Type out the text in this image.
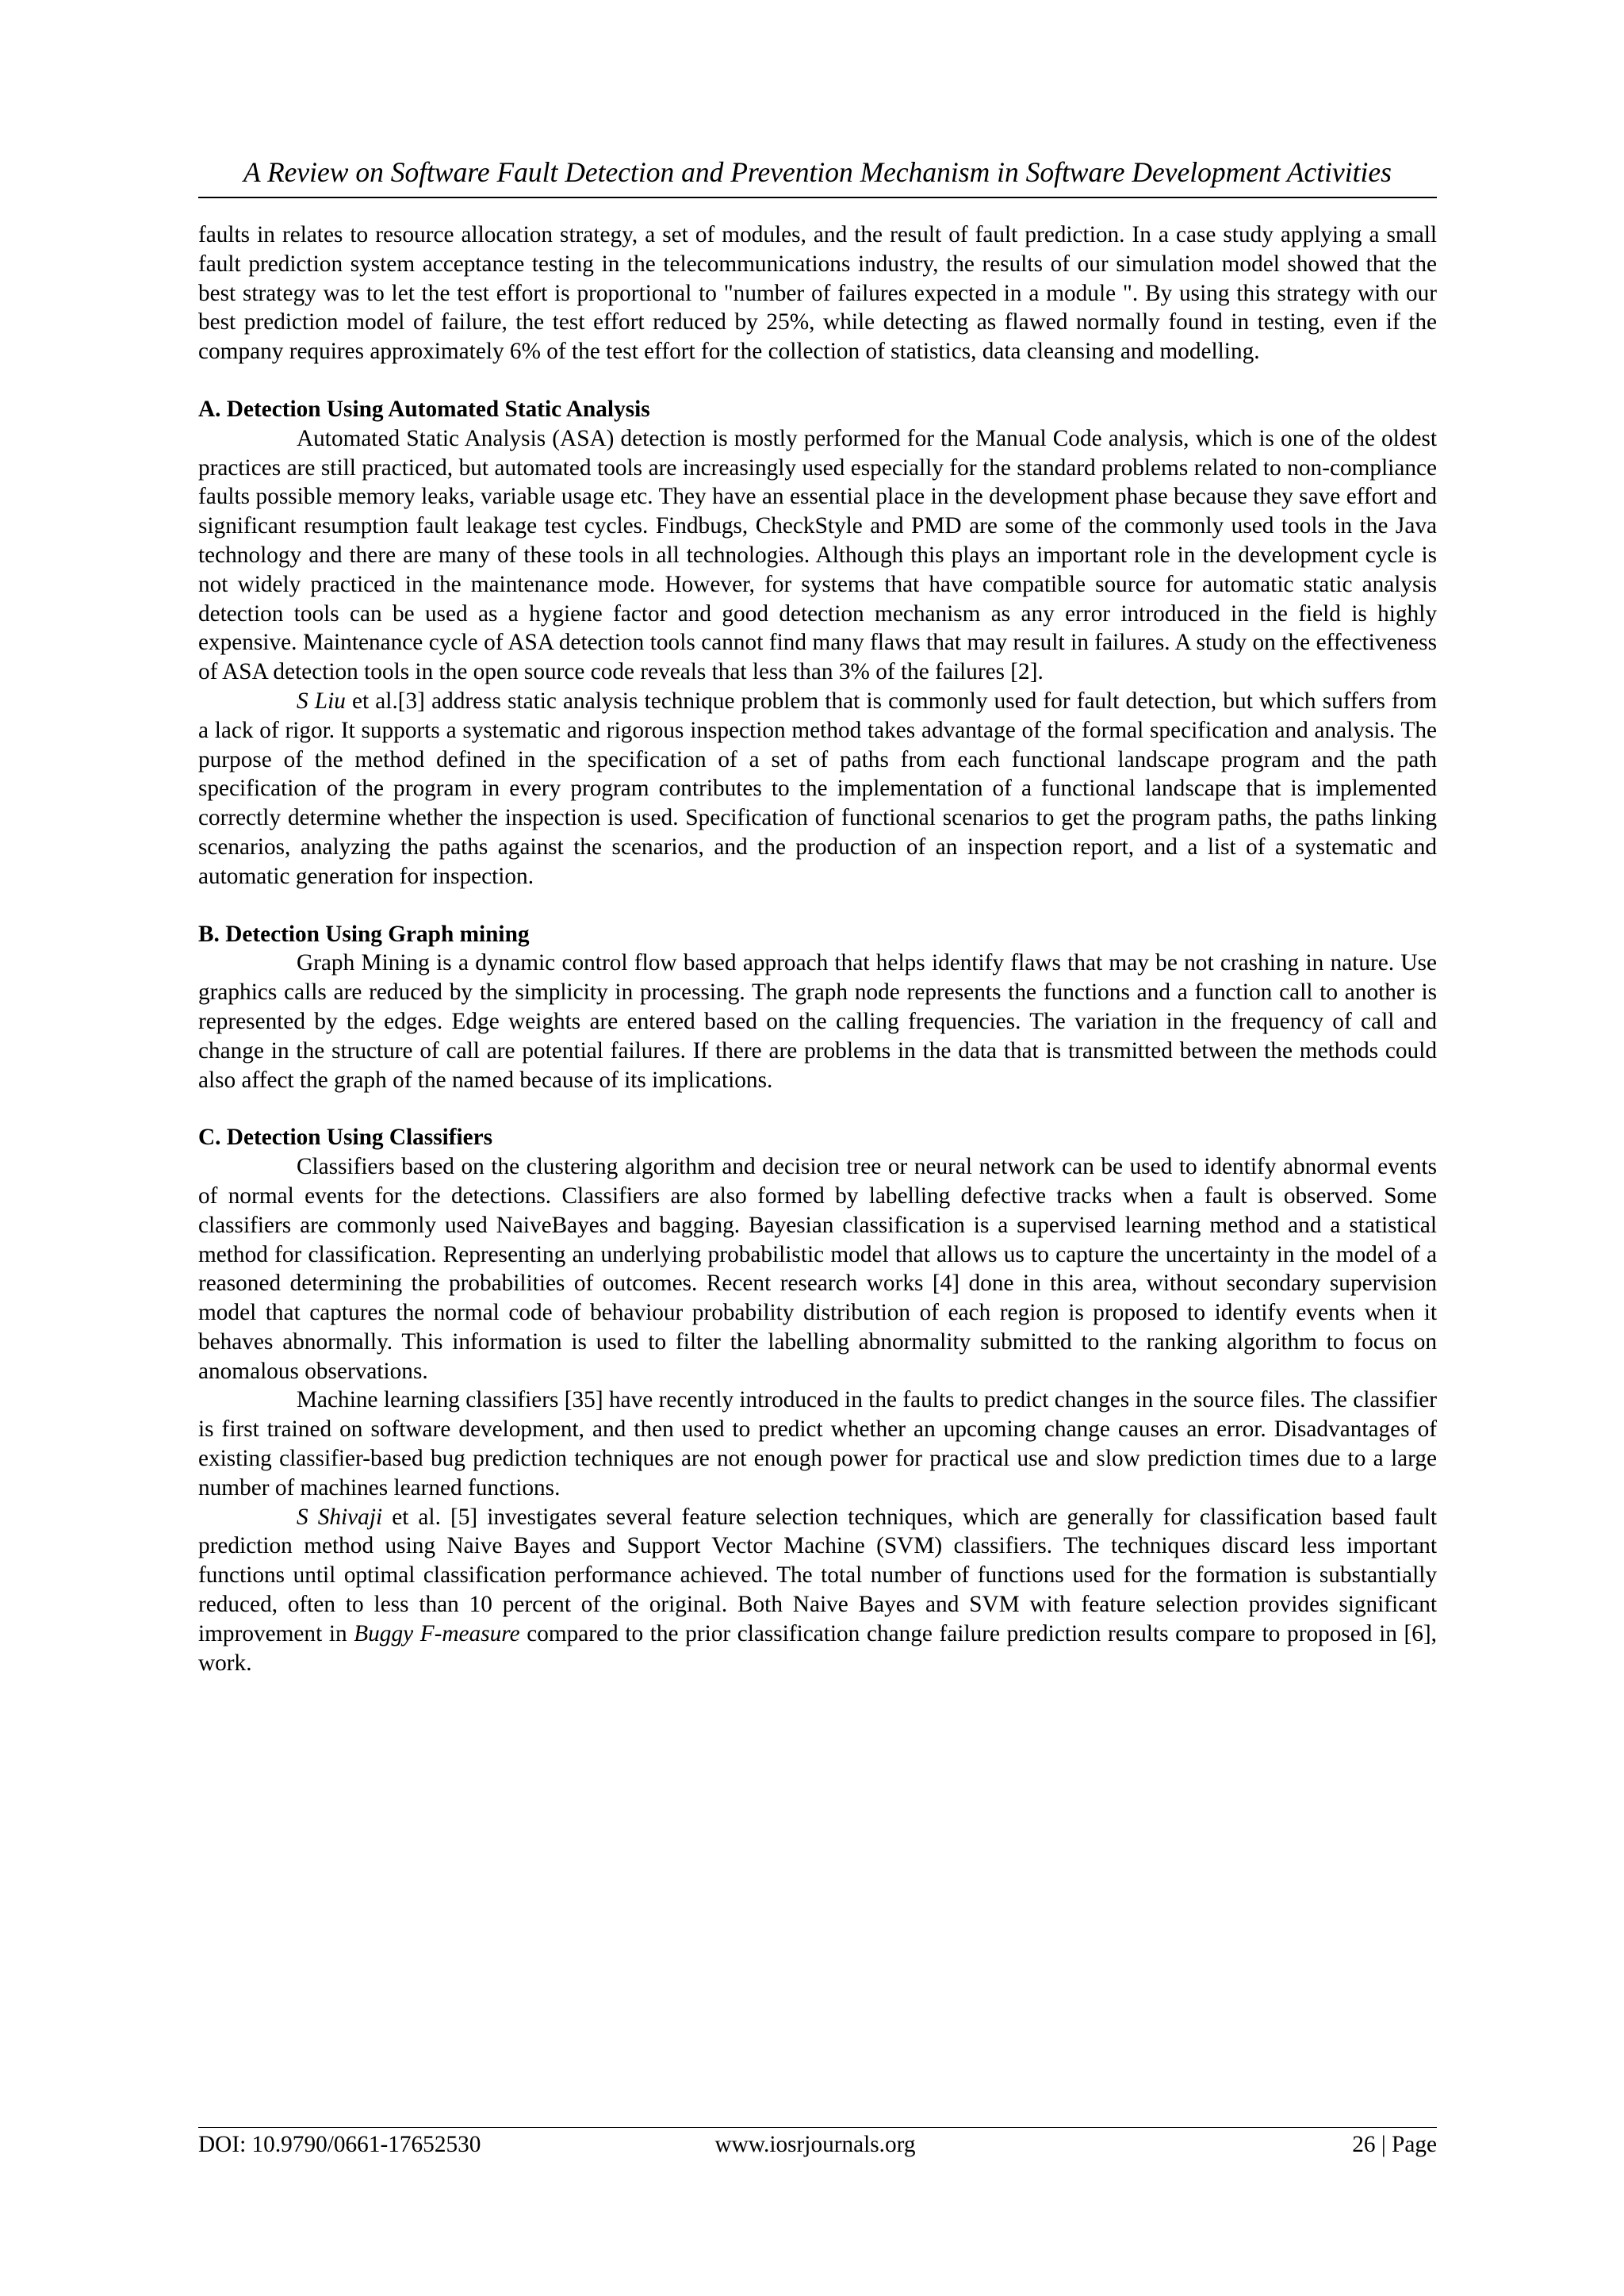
A Review on Software Fault Detection and Prevention Mechanism in Software Development Activities

faults in relates to resource allocation strategy, a set of modules, and the result of fault prediction. In a case study applying a small fault prediction system acceptance testing in the telecommunications industry, the results of our simulation model showed that the best strategy was to let the test effort is proportional to "number of failures expected in a module ". By using this strategy with our best prediction model of failure, the test effort reduced by 25%, while detecting as flawed normally found in testing, even if the company requires approximately 6% of the test effort for the collection of statistics, data cleansing and modelling.

A. Detection Using Automated Static Analysis

Automated Static Analysis (ASA) detection is mostly performed for the Manual Code analysis, which is one of the oldest practices are still practiced, but automated tools are increasingly used especially for the standard problems related to non-compliance faults possible memory leaks, variable usage etc. They have an essential place in the development phase because they save effort and significant resumption fault leakage test cycles. Findbugs, CheckStyle and PMD are some of the commonly used tools in the Java technology and there are many of these tools in all technologies. Although this plays an important role in the development cycle is not widely practiced in the maintenance mode. However, for systems that have compatible source for automatic static analysis detection tools can be used as a hygiene factor and good detection mechanism as any error introduced in the field is highly expensive. Maintenance cycle of ASA detection tools cannot find many flaws that may result in failures. A study on the effectiveness of ASA detection tools in the open source code reveals that less than 3% of the failures [2].

S Liu et al.[3] address static analysis technique problem that is commonly used for fault detection, but which suffers from a lack of rigor. It supports a systematic and rigorous inspection method takes advantage of the formal specification and analysis. The purpose of the method defined in the specification of a set of paths from each functional landscape program and the path specification of the program in every program contributes to the implementation of a functional landscape that is implemented correctly determine whether the inspection is used. Specification of functional scenarios to get the program paths, the paths linking scenarios, analyzing the paths against the scenarios, and the production of an inspection report, and a list of a systematic and automatic generation for inspection.

B. Detection Using Graph mining

Graph Mining is a dynamic control flow based approach that helps identify flaws that may be not crashing in nature. Use graphics calls are reduced by the simplicity in processing. The graph node represents the functions and a function call to another is represented by the edges. Edge weights are entered based on the calling frequencies. The variation in the frequency of call and change in the structure of call are potential failures. If there are problems in the data that is transmitted between the methods could also affect the graph of the named because of its implications.

C. Detection Using Classifiers

Classifiers based on the clustering algorithm and decision tree or neural network can be used to identify abnormal events of normal events for the detections. Classifiers are also formed by labelling defective tracks when a fault is observed. Some classifiers are commonly used NaiveBayes and bagging. Bayesian classification is a supervised learning method and a statistical method for classification. Representing an underlying probabilistic model that allows us to capture the uncertainty in the model of a reasoned determining the probabilities of outcomes. Recent research works [4] done in this area, without secondary supervision model that captures the normal code of behaviour probability distribution of each region is proposed to identify events when it behaves abnormally. This information is used to filter the labelling abnormality submitted to the ranking algorithm to focus on anomalous observations.

Machine learning classifiers [35] have recently introduced in the faults to predict changes in the source files. The classifier is first trained on software development, and then used to predict whether an upcoming change causes an error. Disadvantages of existing classifier-based bug prediction techniques are not enough power for practical use and slow prediction times due to a large number of machines learned functions.

S Shivaji et al. [5] investigates several feature selection techniques, which are generally for classification based fault prediction method using Naive Bayes and Support Vector Machine (SVM) classifiers. The techniques discard less important functions until optimal classification performance achieved. The total number of functions used for the formation is substantially reduced, often to less than 10 percent of the original. Both Naive Bayes and SVM with feature selection provides significant improvement in Buggy F-measure compared to the prior classification change failure prediction results compare to proposed in [6], work.

DOI: 10.9790/0661-17652530	www.iosrjournals.org	26 | Page
